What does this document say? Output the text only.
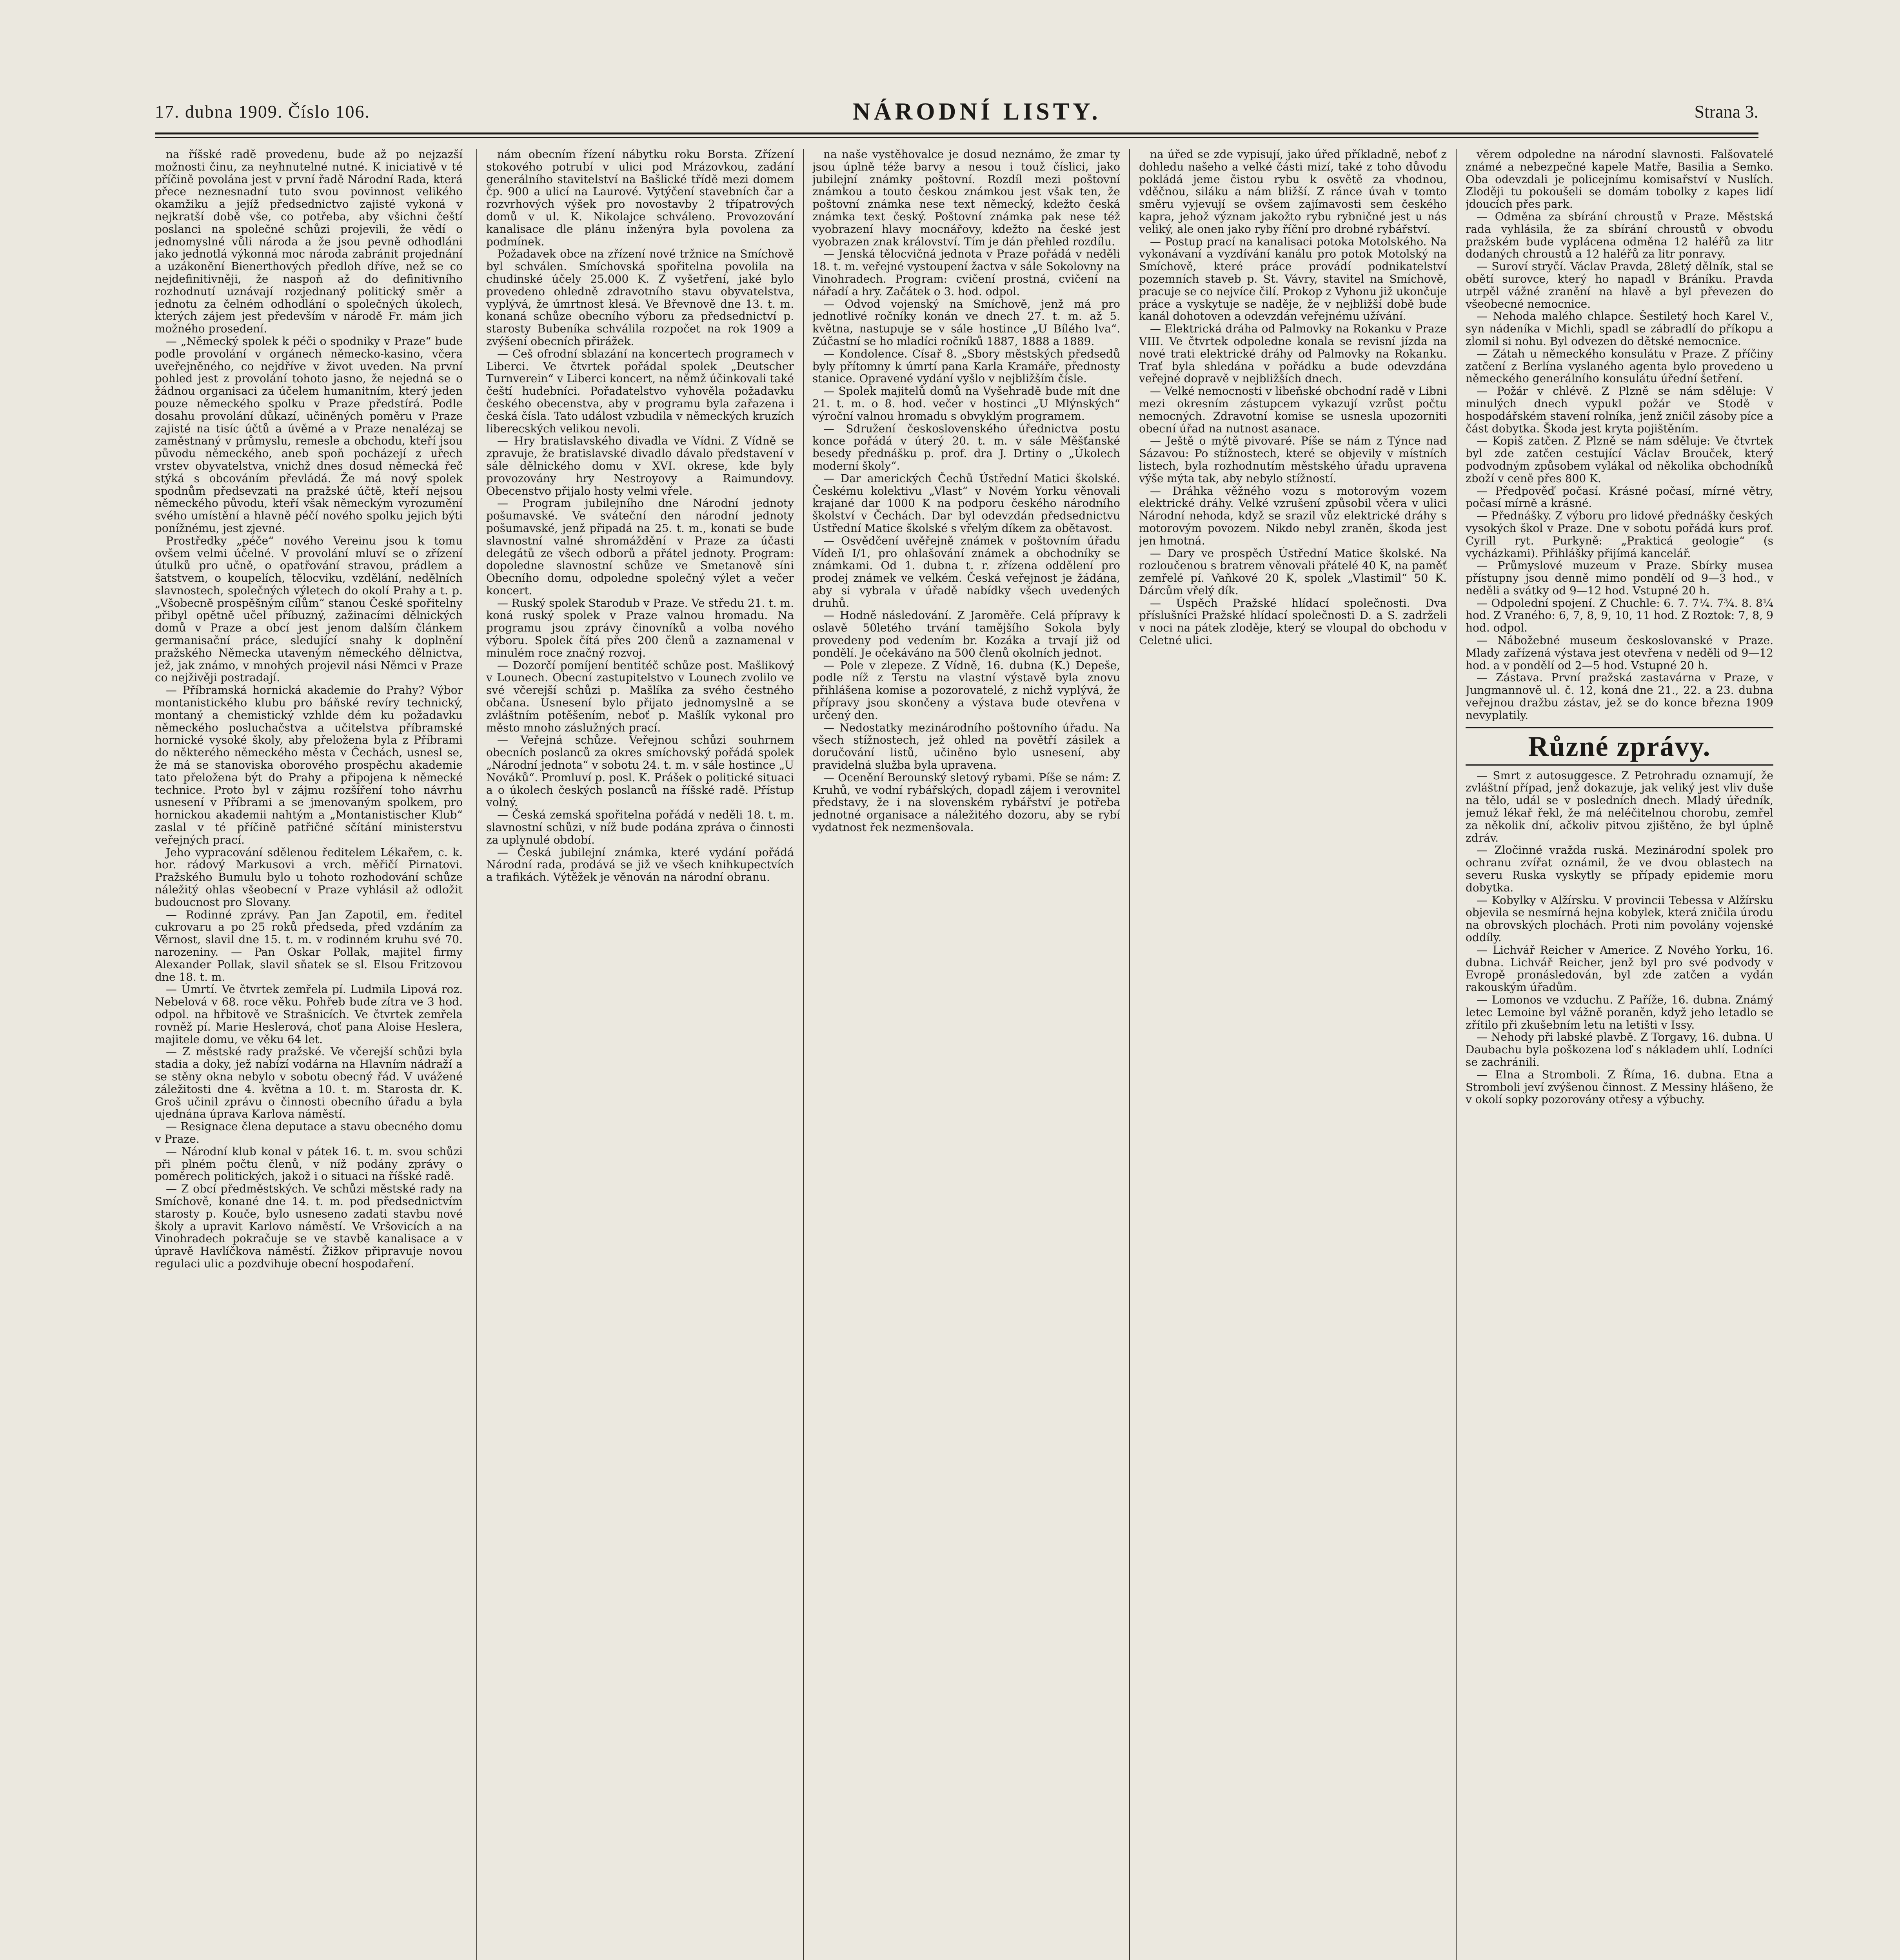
17. dubna 1909. Číslo 106.	NÁRODNÍ LISTY.	Strana 3.

na říšské radě provedenu, bude až po nejzazší možnosti činu, za neyhnutelné nutné. K iniciativě v té příčině povolána jest v první řadě Národní Rada, která přece neznesnadní tuto svou povinnost velikého okamžiku a jejíž předsednictvo zajisté vykoná v nejkratší době vše, co potřeba, aby všichni čeští poslanci na společné schůzi projevili, že vědí o jednomyslné vůli národa a že jsou pevně odhodláni jako jednotlá výkonná moc národa zabránit projednání a uzákonění Bienerthových předloh dříve, než se co nejdefinitivněji, že naspoň až do definitivního rozhodnutí uznávají rozjednaný politický směr a jednotu za čelném odhodlání o společných úkolech, kterých zájem jest především v národě Fr. mám jich možného prosedení.

— „Německý spolek k péči o spodniky v Praze“ bude podle provolání v orgánech německo-kasino, včera uveřejněného, co nejdříve v život uveden. Na první pohled jest z provolání tohoto jasno, že nejedná se o žádnou organisaci za účelem humanitním, který jeden pouze německého spolku v Praze předstírá. Podle dosahu provolání důkazí, učiněných poměru v Praze zajisté na tisíc účtů a úvěmé a v Praze nenalézaj se zaměstnaný v průmyslu, remesle a obchodu, kteří jsou původu německého, aneb spoň pocházejí z uřech vrstev obyvatelstva, vnichž dnes dosud německá řeč stýká s obcováním převládá. Že má nový spolek spodnům předsevzati na pražské účtě, kteří nejsou německého původu, kteří však německým vyrozumění svého umístění a hlavně péčí nového spolku jejich býti ponížnému, jest zjevné.

Prostředky „péče“ nového Vereinu jsou k tomu ovšem velmi účelné. V provolání mluví se o zřízení útulků pro učně, o opatřování stravou, prádlem a šatstvem, o koupelích, tělocviku, vzdělání, nedělních slavnostech, společných výletech do okolí Prahy a t. p. „Všobecně prospěšným cílům“ stanou České spořitelny přibyl opětně učel příbuzný, zažinacími dělnických domů v Praze a obcí jest jenom dalším článkem germanisační práce, sledující snahy k doplnění pražského Německa utaveným německého dělnictva, jež, jak známo, v mnohých projevil nási Němci v Praze co nejživěji postradají.

— Příbramská hornická akademie do Prahy? Výbor montanistického klubu pro báňské revíry technický, montaný a chemistický vzhlde dém ku požadavku německého posluchačstva a učitelstva příbramské hornické vysoké školy, aby přeložena byla z Příbrami do některého německého města v Čechách, usnesl se, že má se stanoviska oborového prospěchu akademie tato přeložena být do Prahy a připojena k německé technice. Proto byl v zájmu rozšíření toho návrhu usnesení v Příbrami a se jmenovaným spolkem, pro hornickou akademii nahtým a „Montanistischer Klub“ zaslal v té příčině patřičné sčítání ministerstvu veřejných prací.

Jeho vypracování sdělenou ředitelem Lékařem, c. k. hor. rádový Markusovi a vrch. měřičí Pirnatovi. Pražského Bumulu bylo u tohoto rozhodování schůze náležitý ohlas všeobecní v Praze vyhlásil až odložit budoucnost pro Slovany.

— Rodinné zprávy. Pan Jan Zapotil, em. ředitel cukrovaru a po 25 roků předseda, před vzdáním za Věrnost, slavil dne 15. t. m. v rodinném kruhu své 70. narozeniny. — Pan Oskar Pollak, majitel firmy Alexander Pollak, slavil sňatek se sl. Elsou Fritzovou dne 18. t. m.

— Úmrtí. Ve čtvrtek zemřela pí. Ludmila Lipová roz. Nebelová v 68. roce věku. Pohřeb bude zítra ve 3 hod. odpol. na hřbitově ve Strašnicích. Ve čtvrtek zemřela rovněž pí. Marie Heslerová, choť pana Aloise Heslera, majitele domu, ve věku 64 let.

— Z městské rady pražské. Ve včerejší schůzi byla stadia a doky, jež nabízí vodárna na Hlavním nádraží a se stěny okna nebylo v sobotu obecný řád. V uvážené záležitosti dne 4. května a 10. t. m. Starosta dr. K. Groš učinil zprávu o činnosti obecního úřadu a byla ujednána úprava Karlova náměstí.

— Resignace člena deputace a stavu obecného domu v Praze.

— Národní klub konal v pátek 16. t. m. svou schůzi při plném počtu členů, v níž podány zprávy o poměrech politických, jakož i o situaci na říšské radě.

— Z obcí předměstských. Ve schůzi městské rady na Smíchově, konané dne 14. t. m. pod předsednictvím starosty p. Kouče, bylo usneseno zadati stavbu nové školy a upravit Karlovo náměstí. Ve Vršovicích a na Vinohradech pokračuje se ve stavbě kanalisace a v úpravě Havlíčkova náměstí. Žižkov připravuje novou regulaci ulic a pozdvihuje obecní hospodaření.

nám obecním řízení nábytku roku Borsta. Zřízení stokového potrubí v ulici pod Mrázovkou, zadání generálního stavitelství na Bašlické třídě mezi domem čp. 900 a ulicí na Laurové. Vytýčení stavebních čar a rozvrhových výšek pro novostavby 2 třípatrových domů v ul. K. Nikolajce schváleno. Provozování kanalisace dle plánu inženýra byla povolena za podmínek.

Požadavek obce na zřízení nové tržnice na Smíchově byl schválen. Smíchovská spořitelna povolila na chudinské účely 25.000 K. Z vyšetření, jaké bylo provedeno ohledně zdravotního stavu obyvatelstva, vyplývá, že úmrtnost klesá. Ve Břevnově dne 13. t. m. konaná schůze obecního výboru za předsednictví p. starosty Bubeníka schválila rozpočet na rok 1909 a zvýšení obecních přirážek.

— Ceš ofrodní sblazání na koncertech programech v Liberci. Ve čtvrtek pořádal spolek „Deutscher Turnverein“ v Liberci koncert, na němž účinkovali také čeští hudebníci. Pořadatelstvo vyhověla požadavku českého obecenstva, aby v programu byla zařazena i česká čísla. Tato událost vzbudila v německých kruzích liberecských velikou nevoli.

— Hry bratislavského divadla ve Vídni. Z Vídně se zpravuje, že bratislavské divadlo dávalo představení v sále dělnického domu v XVI. okrese, kde byly provozovány hry Nestroyovy a Raimundovy. Obecenstvo přijalo hosty velmi vřele.

— Program jubilejního dne Národní jednoty pošumavské. Ve sváteční den národní jednoty pošumavské, jenž připadá na 25. t. m., konati se bude slavnostní valné shromáždění v Praze za účasti delegátů ze všech odborů a přátel jednoty. Program: dopoledne slavnostní schůze ve Smetanově síni Obecního domu, odpoledne společný výlet a večer koncert.

— Ruský spolek Starodub v Praze. Ve středu 21. t. m. koná ruský spolek v Praze valnou hromadu. Na programu jsou zprávy činovníků a volba nového výboru. Spolek čítá přes 200 členů a zaznamenal v minulém roce značný rozvoj.

— Dozorčí pomíjení bentitéč schůze post. Mašlikový v Lounech. Obecní zastupitelstvo v Lounech zvolilo ve své včerejší schůzi p. Mašlíka za svého čestného občana. Usnesení bylo přijato jednomyslně a se zvláštním potěšením, neboť p. Mašlík vykonal pro město mnoho záslužných prací.

— Veřejná schůze. Veřejnou schůzi souhrnem obecních poslanců za okres smíchovský pořádá spolek „Národní jednota“ v sobotu 24. t. m. v sále hostince „U Nováků“. Promluví p. posl. K. Prášek o politické situaci a o úkolech českých poslanců na říšské radě. Přístup volný.

— Česká zemská spořitelna pořádá v neděli 18. t. m. slavnostní schůzi, v níž bude podána zpráva o činnosti za uplynulé období.

— Česká jubilejní známka, které vydání pořádá Národní rada, prodává se již ve všech knihkupectvích a trafikách. Výtěžek je věnován na národní obranu.

na naše vystěhovalce je dosud neznámo, že zmar ty jsou úplně téže barvy a nesou i touž číslici, jako jubilejní známky poštovní. Rozdíl mezi poštovní známkou a touto českou známkou jest však ten, že poštovní známka nese text německý, kdežto česká známka text český. Poštovní známka pak nese též vyobrazení hlavy mocnářovy, kdežto na české jest vyobrazen znak království. Tím je dán přehled rozdílu.

— Jenská tělocvičná jednota v Praze pořádá v neděli 18. t. m. veřejné vystoupení žactva v sále Sokolovny na Vinohradech. Program: cvičení prostná, cvičení na nářadí a hry. Začátek o 3. hod. odpol.

— Odvod vojenský na Smíchově, jenž má pro jednotlivé ročníky konán ve dnech 27. t. m. až 5. května, nastupuje se v sále hostince „U Bílého lva“. Zúčastní se ho mladíci ročníků 1887, 1888 a 1889.

— Kondolence. Císař 8. „Sbory městských předsedů byly přítomny k úmrtí pana Karla Kramáře, přednosty stanice. Opravené vydání vyšlo v nejbližším čísle.

— Spolek majitelů domů na Vyšehradě bude mít dne 21. t. m. o 8. hod. večer v hostinci „U Mlýnských“ výroční valnou hromadu s obvyklým programem.

— Sdružení československého úřednictva postu konce pořádá v úterý 20. t. m. v sále Měšťanské besedy přednášku p. prof. dra J. Drtiny o „Úkolech moderní školy“.

— Dar amerických Čechů Ústřední Matici školské. Českému kolektivu „Vlast“ v Novém Yorku věnovali krajané dar 1000 K na podporu českého národního školství v Čechách. Dar byl odevzdán předsednictvu Ústřední Matice školské s vřelým díkem za obětavost.

— Osvědčení uvěřejně známek v poštovním úřadu Vídeň I/1, pro ohlašování známek a obchodníky se známkami. Od 1. dubna t. r. zřízena oddělení pro prodej známek ve velkém. Česká veřejnost je žádána, aby si vybrala v úřadě nabídky všech uvedených druhů.

— Hodně následování. Z Jaroměře. Celá přípravy k oslavě 50letého trvání tamějšího Sokola byly provedeny pod vedením br. Kozáka a trvají již od pondělí. Je očekáváno na 500 členů okolních jednot.

— Pole v zlepeze. Z Vídně, 16. dubna (K.) Depeše, podle níž z Terstu na vlastní výstavě byla znovu přihlášena komise a pozorovatelé, z nichž vyplývá, že přípravy jsou skončeny a výstava bude otevřena v určený den.

— Nedostatky mezinárodního poštovního úřadu. Na všech stížnostech, jež ohled na povětří zásilek a doručování listů, učiněno bylo usnesení, aby pravidelná služba byla upravena.

— Ocenění Berounský sletový rybami. Píše se nám: Z Kruhů, ve vodní rybářských, dopadl zájem i verovnitel představy, že i na slovenském rybářství je potřeba jednotné organisace a náležitého dozoru, aby se rybí vydatnost řek nezmenšovala.

na úřed se zde vypisují, jako úřed příkladně, neboť z dohledu našeho a velké části mizí, také z toho důvodu pokládá jeme čistou rybu k osvětě za vhodnou, vděčnou, siláku a nám bližší. Z ránce úvah v tomto směru vyjevují se ovšem zajímavosti sem českého kapra, jehož význam jakožto rybu rybničné jest u nás veliký, ale onen jako ryby říční pro drobné rybářství.

— Postup prací na kanalisaci potoka Motolského. Na vykonávaní a vyzdívání kanálu pro potok Motolský na Smíchově, které práce provádí podnikatelství pozemních staveb p. St. Vávry, stavitel na Smíchově, pracuje se co nejvíce čilí. Prokop z Vyhonu již ukončuje práce a vyskytuje se naděje, že v nejbližší době bude kanál dohotoven a odevzdán veřejnému užívání.

— Elektrická dráha od Palmovky na Rokanku v Praze VIII. Ve čtvrtek odpoledne konala se revisní jízda na nové trati elektrické dráhy od Palmovky na Rokanku. Trať byla shledána v pořádku a bude odevzdána veřejné dopravě v nejbližších dnech.

— Velké nemocnosti v libeňské obchodní radě v Libni mezi okresním zástupcem vykazují vzrůst počtu nemocných. Zdravotní komise se usnesla upozorniti obecní úřad na nutnost asanace.

— Ještě o mýtě pivovaré. Píše se nám z Týnce nad Sázavou: Po stížnostech, které se objevily v místních listech, byla rozhodnutím městského úřadu upravena výše mýta tak, aby nebylo stížností.

— Dráhka věžného vozu s motorovým vozem elektrické dráhy. Velké vzrušení způsobil včera v ulici Národní nehoda, když se srazil vůz elektrické dráhy s motorovým povozem. Nikdo nebyl zraněn, škoda jest jen hmotná.

— Dary ve prospěch Ústřední Matice školské. Na rozloučenou s bratrem věnovali přátelé 40 K, na paměť zemřelé pí. Vaňkové 20 K, spolek „Vlastimil“ 50 K. Dárcům vřelý dík.

— Úspěch Pražské hlídací společnosti. Dva příslušníci Pražské hlídací společnosti D. a S. zadrželi v noci na pátek zloděje, který se vloupal do obchodu v Celetné ulici.

věrem odpoledne na národní slavnosti. Falšovatelé známé a nebezpečné kapele Matře, Basilia a Semko. Oba odevzdali je policejnímu komisařství v Nuslích. Zloději tu pokoušeli se domám tobolky z kapes lidí jdoucích přes park.

— Odměna za sbírání chroustů v Praze. Městská rada vyhlásila, že za sbírání chroustů v obvodu pražském bude vyplácena odměna 12 haléřů za litr dodaných chroustů a 12 haléřů za litr ponravy.

— Suroví stryčí. Václav Pravda, 28letý dělník, stal se obětí surovce, který ho napadl v Bráníku. Pravda utrpěl vážné zranění na hlavě a byl převezen do všeobecné nemocnice.

— Nehoda malého chlapce. Šestiletý hoch Karel V., syn nádeníka v Michli, spadl se zábradlí do příkopu a zlomil si nohu. Byl odvezen do dětské nemocnice.

— Zátah u německého konsulátu v Praze. Z příčiny zatčení z Berlína vyslaného agenta bylo provedeno u německého generálního konsulátu úřední šetření.

— Požár v chlévě. Z Plzně se nám sděluje: V minulých dnech vypukl požár ve Stodě v hospodářském stavení rolníka, jenž zničil zásoby píce a část dobytka. Škoda jest kryta pojištěním.

— Kopiš zatčen. Z Plzně se nám sděluje: Ve čtvrtek byl zde zatčen cestující Václav Brouček, který podvodným způsobem vylákal od několika obchodníků zboží v ceně přes 800 K.

— Předpověď počasí. Krásné počasí, mírné větry, počasí mírně a krásné.

— Přednášky. Z výboru pro lidové přednášky českých vysokých škol v Praze. Dne v sobotu pořádá kurs prof. Cyrill ryt. Purkyně: „Prakticá geologie“ (s vycházkami). Přihlášky přijímá kancelář.

— Průmyslové muzeum v Praze. Sbírky musea přístupny jsou denně mimo pondělí od 9—3 hod., v neděli a svátky od 9—12 hod. Vstupné 20 h.

— Odpolední spojení. Z Chuchle: 6. 7. 7¼. 7¾. 8. 8¼ hod. Z Vraného: 6, 7, 8, 9, 10, 11 hod. Z Roztok: 7, 8, 9 hod. odpol.

— Nábožebné museum českoslovanské v Praze. Mlady zařízená výstava jest otevřena v neděli od 9—12 hod. a v pondělí od 2—5 hod. Vstupné 20 h.

— Zástava. První pražská zastavárna v Praze, v Jungmannově ul. č. 12, koná dne 21., 22. a 23. dubna veřejnou dražbu zástav, jež se do konce března 1909 nevyplatily.

Různé zprávy.

— Smrt z autosuggesce. Z Petrohradu oznamují, že zvláštní případ, jenž dokazuje, jak veliký jest vliv duše na tělo, udál se v posledních dnech. Mladý úředník, jemuž lékař řekl, že má neléčitelnou chorobu, zemřel za několik dní, ačkoliv pitvou zjištěno, že byl úplně zdráv.

— Zločinné vražda ruská. Mezinárodní spolek pro ochranu zvířat oznámil, že ve dvou oblastech na severu Ruska vyskytly se případy epidemie moru dobytka.

— Kobylky v Alžírsku. V provincii Tebessa v Alžírsku objevila se nesmírná hejna kobylek, která zničila úrodu na obrovských plochách. Proti nim povolány vojenské oddíly.

— Lichvář Reicher v Americe. Z Nového Yorku, 16. dubna. Lichvář Reicher, jenž byl pro své podvody v Evropě pronásledován, byl zde zatčen a vydán rakouským úřadům.

— Lomonos ve vzduchu. Z Paříže, 16. dubna. Známý letec Lemoine byl vážně poraněn, když jeho letadlo se zřítilo při zkušebním letu na letišti v Issy.

— Nehody při labské plavbě. Z Torgavy, 16. dubna. U Daubachu byla poškozena loď s nákladem uhlí. Lodníci se zachránili.

— Elna a Stromboli. Z Říma, 16. dubna. Etna a Stromboli jeví zvýšenou činnost. Z Messiny hlášeno, že v okolí sopky pozorovány otřesy a výbuchy.
